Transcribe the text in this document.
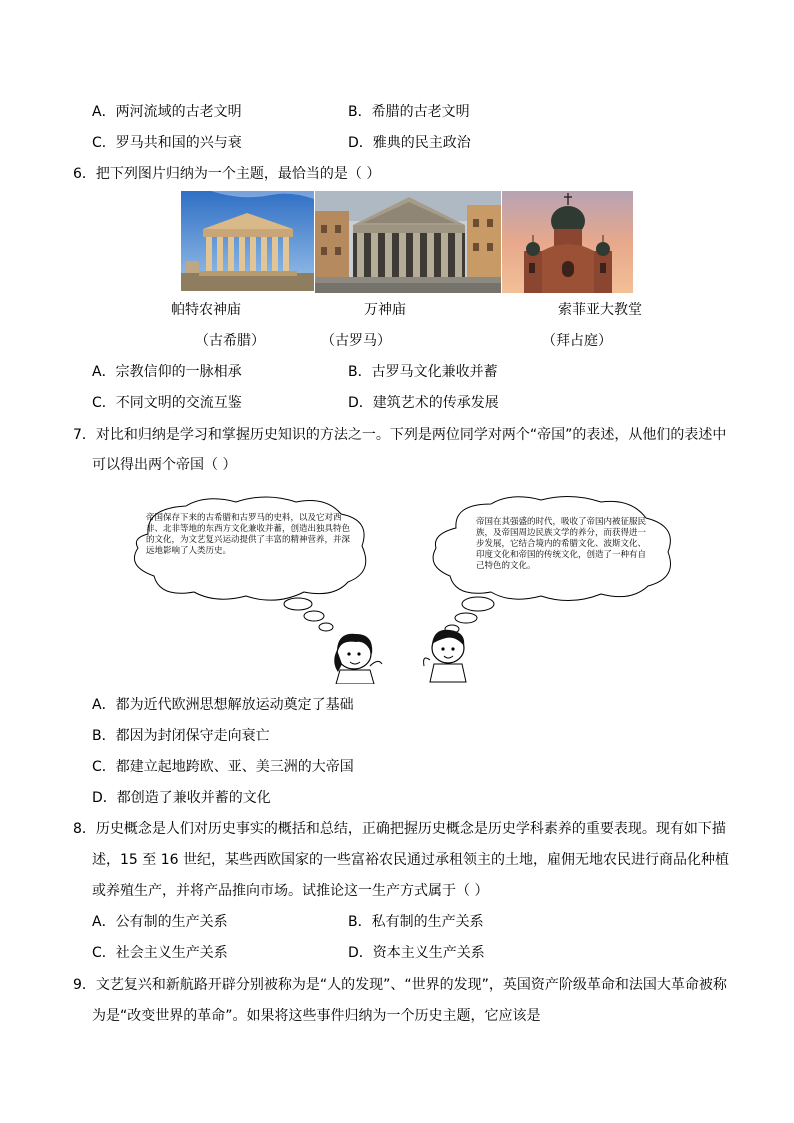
A．两河流域的古老文明	B．希腊的古老文明
C．罗马共和国的兴与衰	D．雅典的民主政治
6．把下列图片归纳为一个主题，最恰当的是（ ）
帕特农神庙	万神庙	索菲亚大教堂
（古希腊）	（古罗马）	（拜占庭）
A．宗教信仰的一脉相承	B．古罗马文化兼收并蓄
C．不同文明的交流互鉴	D．建筑艺术的传承发展
7．对比和归纳是学习和掌握历史知识的方法之一。下列是两位同学对两个“帝国”的表述，从他们的表述中
可以得出两个帝国（ ）
帝国保存下来的古希腊和古罗马的史料，以及它对西非、北非等地的东西方文化兼收并蓄，创造出独具特色的文化，为文艺复兴运动提供了丰富的精神营养，并深远地影响了人类历史。
帝国在其强盛的时代，吸收了帝国内被征服民族，及帝国周边民族文学的养分，而获得进一步发展，它结合境内的希腊文化、波斯文化、印度文化和帝国的传统文化，创造了一种有自己特色的文化。
A．都为近代欧洲思想解放运动奠定了基础
B．都因为封闭保守走向衰亡
C．都建立起地跨欧、亚、美三洲的大帝国
D．都创造了兼收并蓄的文化
8．历史概念是人们对历史事实的概括和总结，正确把握历史概念是历史学科素养的重要表现。现有如下描
述，15 至 16 世纪，某些西欧国家的一些富裕农民通过承租领主的土地，雇佣无地农民进行商品化种植
或养殖生产，并将产品推向市场。试推论这一生产方式属于（ ）
A．公有制的生产关系	B．私有制的生产关系
C．社会主义生产关系	D．资本主义生产关系
9．文艺复兴和新航路开辟分别被称为是“人的发现”、“世界的发现”，英国资产阶级革命和法国大革命被称
为是“改变世界的革命”。如果将这些事件归纳为一个历史主题，它应该是
